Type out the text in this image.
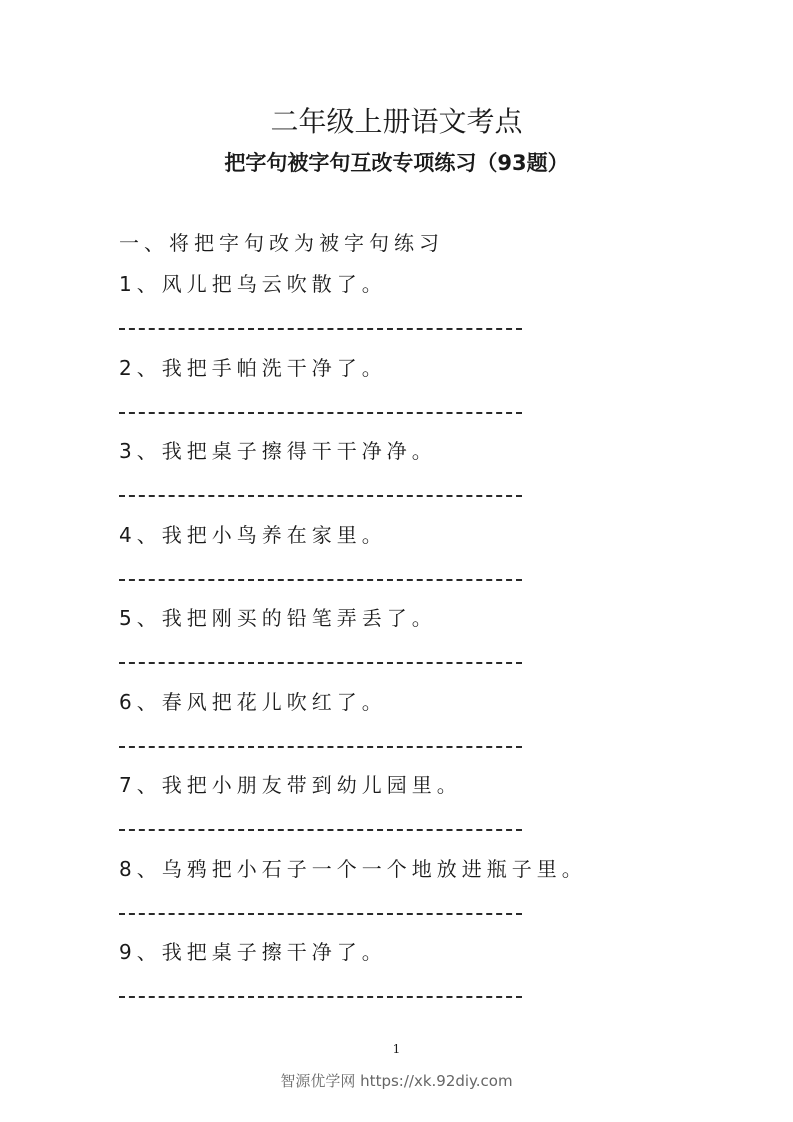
二年级上册语文考点
把字句被字句互改专项练习（93题）
一、将把字句改为被字句练习
1、风儿把乌云吹散了。
2、我把手帕洗干净了。
3、我把桌子擦得干干净净。
4、我把小鸟养在家里。
5、我把刚买的铅笔弄丢了。
6、春风把花儿吹红了。
7、我把小朋友带到幼儿园里。
8、乌鸦把小石子一个一个地放进瓶子里。
9、我把桌子擦干净了。
1
智源优学网 https://xk.92diy.com
